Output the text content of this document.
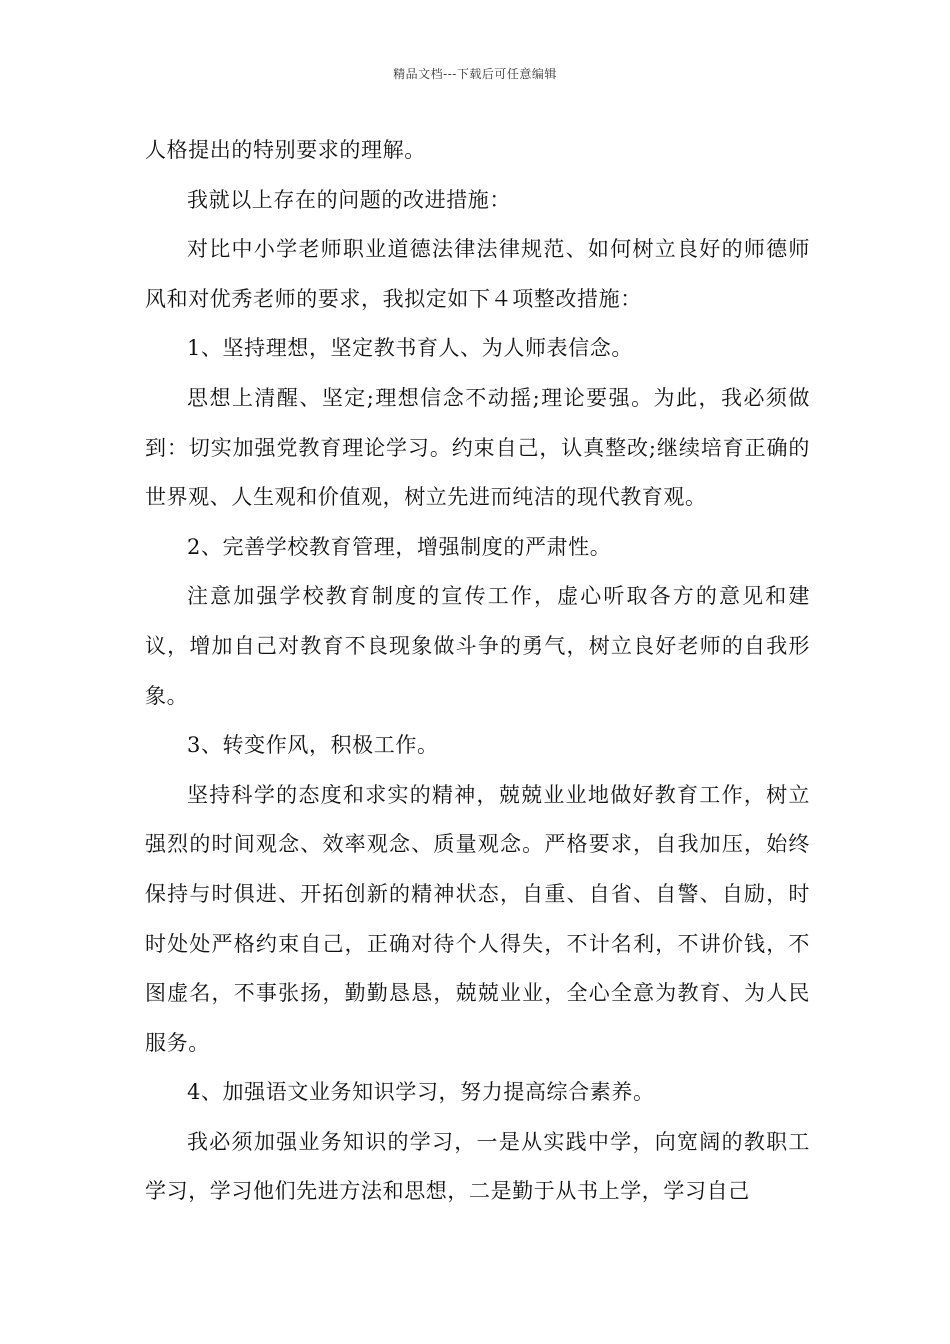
精品文档---下载后可任意编辑

人格提出的特别要求的理解。

我就以上存在的问题的改进措施：

对比中小学老师职业道德法律法律规范、如何树立良好的师德师风和对优秀老师的要求，我拟定如下４项整改措施：

1、坚持理想，坚定教书育人、为人师表信念。

思想上清醒、坚定;理想信念不动摇;理论要强。为此，我必须做到：切实加强党教育理论学习。约束自己，认真整改;继续培育正确的世界观、人生观和价值观，树立先进而纯洁的现代教育观。

2、完善学校教育管理，增强制度的严肃性。

注意加强学校教育制度的宣传工作，虚心听取各方的意见和建议，增加自己对教育不良现象做斗争的勇气，树立良好老师的自我形象。

3、转变作风，积极工作。

坚持科学的态度和求实的精神，兢兢业业地做好教育工作，树立强烈的时间观念、效率观念、质量观念。严格要求，自我加压，始终保持与时俱进、开拓创新的精神状态，自重、自省、自警、自励，时时处处严格约束自己，正确对待个人得失，不计名利，不讲价钱，不图虚名，不事张扬，勤勤恳恳，兢兢业业，全心全意为教育、为人民服务。

4、加强语文业务知识学习，努力提高综合素养。

我必须加强业务知识的学习，一是从实践中学，向宽阔的教职工学习，学习他们先进方法和思想，二是勤于从书上学，学习自己
